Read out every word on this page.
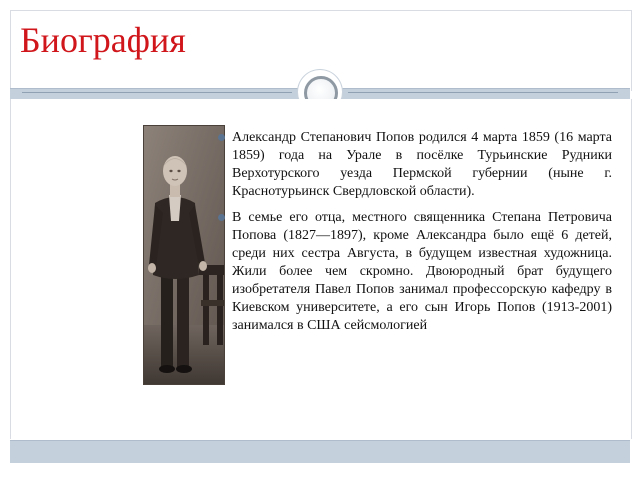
Биография
Александр Степанович Попов родился 4 марта 1859 (16 марта 1859) года на Урале в посёлке Турьинские Рудники Верхотурского уезда Пермской губернии (ныне г. Краснотурьинск Свердловской области).
В семье его отца, местного священника Степана Петровича Попова (1827—1897), кроме Александра было ещё 6 детей, среди них сестра Августа, в будущем известная художница. Жили более чем скромно. Двоюродный брат будущего изобретателя Павел Попов занимал профессорскую кафедру в Киевском университете, а его сын Игорь Попов (1913-2001) занимался в США сейсмологией
